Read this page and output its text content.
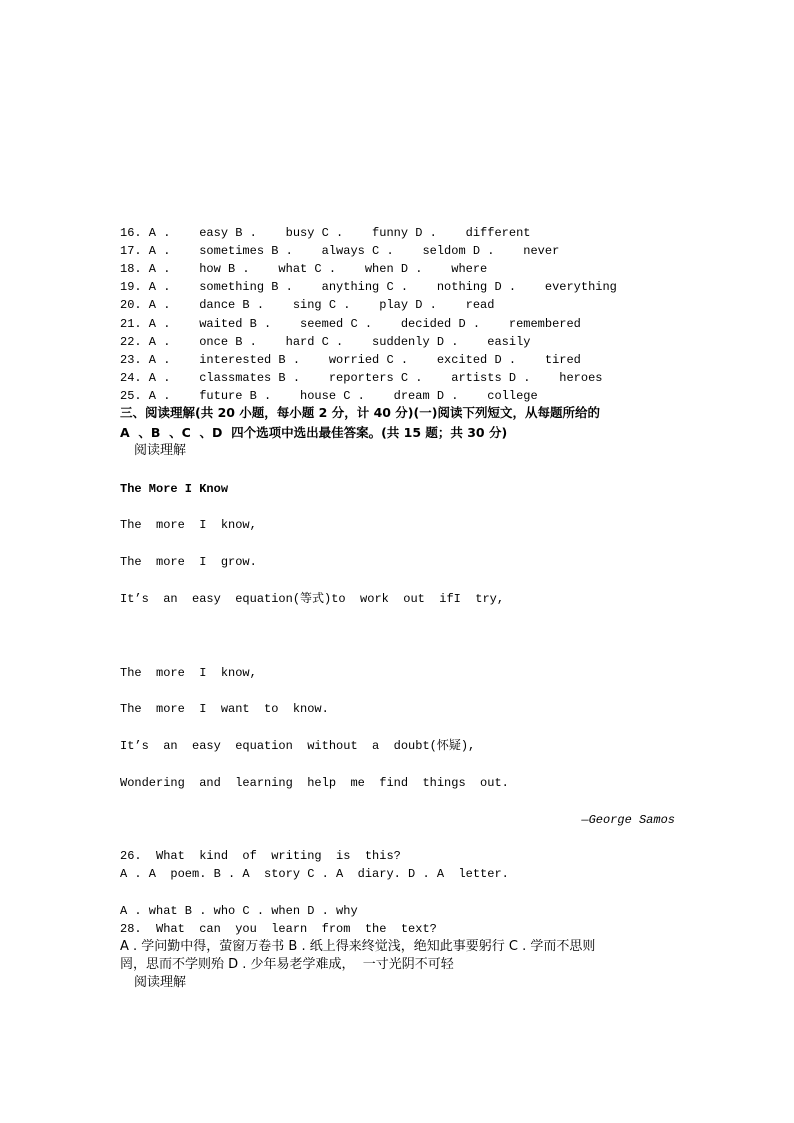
16. A .    easy B .    busy C .    funny D .    different
17. A .    sometimes B .    always C .    seldom D .    never
18. A .    how B .    what C .    when D .    where
19. A .    something B .    anything C .    nothing D .    everything
20. A .    dance B .    sing C .    play D .    read
21. A .    waited B .    seemed C .    decided D .    remembered
22. A .    once B .    hard C .    suddenly D .    easily
23. A .    interested B .    worried C .    excited D .    tired
24. A .    classmates B .    reporters C .    artists D .    heroes
25. A .    future B .    house C .    dream D .    college
三、阅读理解(共 20 小题，每小题 2 分，计 40 分)(一)阅读下列短文，从每题所给的
A  、B  、C  、D  四个选项中选出最佳答案。(共 15 题；共 30 分)
阅读理解
The More I Know
The  more  I  know,
The  more  I  grow.
It’s  an  easy  equation(等式)to  work  out  ifI  try,

The  more  I  know,
The  more  I  want  to  know.
It’s  an  easy  equation  without  a  doubt(怀疑),
Wondering  and  learning  help  me  find  things  out.
—George Samos
26.  What  kind  of  writing  is  this?
A . A  poem. B . A  story C . A  diary. D . A  letter.

A . what B . who C . when D . why
28.  What  can  you  learn  from  the  text?
A . 学问勤中得，萤窗万卷书 B . 纸上得来终觉浅，绝知此事要躬行 C . 学而不思则
罔，思而不学则殆 D . 少年易老学难成，  一寸光阴不可轻
阅读理解
